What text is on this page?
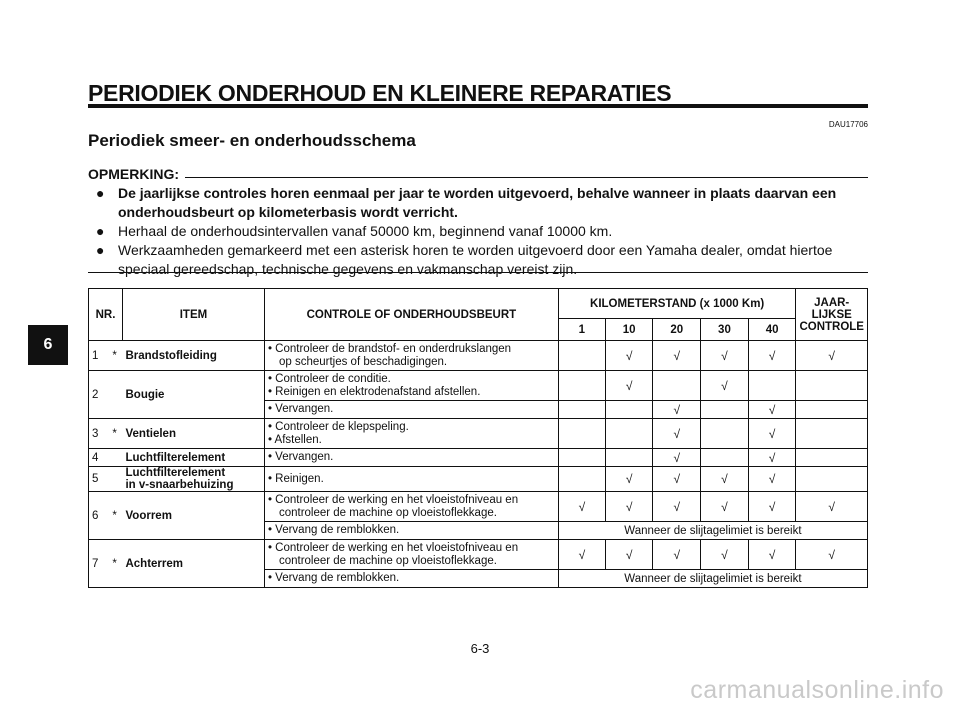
PERIODIEK ONDERHOUD EN KLEINERE REPARATIES
DAU17706
Periodiek smeer- en onderhoudsschema
OPMERKING:
● De jaarlijkse controles horen eenmaal per jaar te worden uitgevoerd, behalve wanneer in plaats daarvan een onderhoudsbeurt op kilometerbasis wordt verricht.
● Herhaal de onderhoudsintervallen vanaf 50000 km, beginnend vanaf 10000 km.
● Werkzaamheden gemarkeerd met een asterisk horen te worden uitgevoerd door een Yamaha dealer, omdat hiertoe speciaal gereedschap, technische gegevens en vakmanschap vereist zijn.
6
NR.		ITEM	CONTROLE OF ONDERHOUDSBEURT	KILOMETERSTAND (x 1000 Km)					JAAR-
LIJKSE
CONTROLE

				1	10	20	30	40	
1	*	Brandstofleiding	• Controleer de brandstof- en onderdrukslangen
op scheurtjes of beschadigingen.		√	√	√	√	√
2		Bougie	• Controleer de conditie.
• Reinigen en elektrodenafstand afstellen.		√		√		

			• Vervangen.			√		√	
3	*	Ventielen	• Controleer de klepspeling.
• Afstellen.			√		√	
4		Luchtfilterelement	• Vervangen.			√		√	
5		Luchtfilterelement
in v-snaarbehuizing	• Reinigen.		√	√	√	√	
6	*	Voorrem	• Controleer de werking en het vloeistofniveau en
controleer de machine op vloeistoflekkage.	√	√	√	√	√	√

			• Vervang de remblokken.	Wanneer de slijtagelimiet is bereikt					
7	*	Achterrem	• Controleer de werking en het vloeistofniveau en
controleer de machine op vloeistoflekkage.	√	√	√	√	√	√

			• Vervang de remblokken.	Wanneer de slijtagelimiet is bereikt					
6-3
carmanualsonline.info
